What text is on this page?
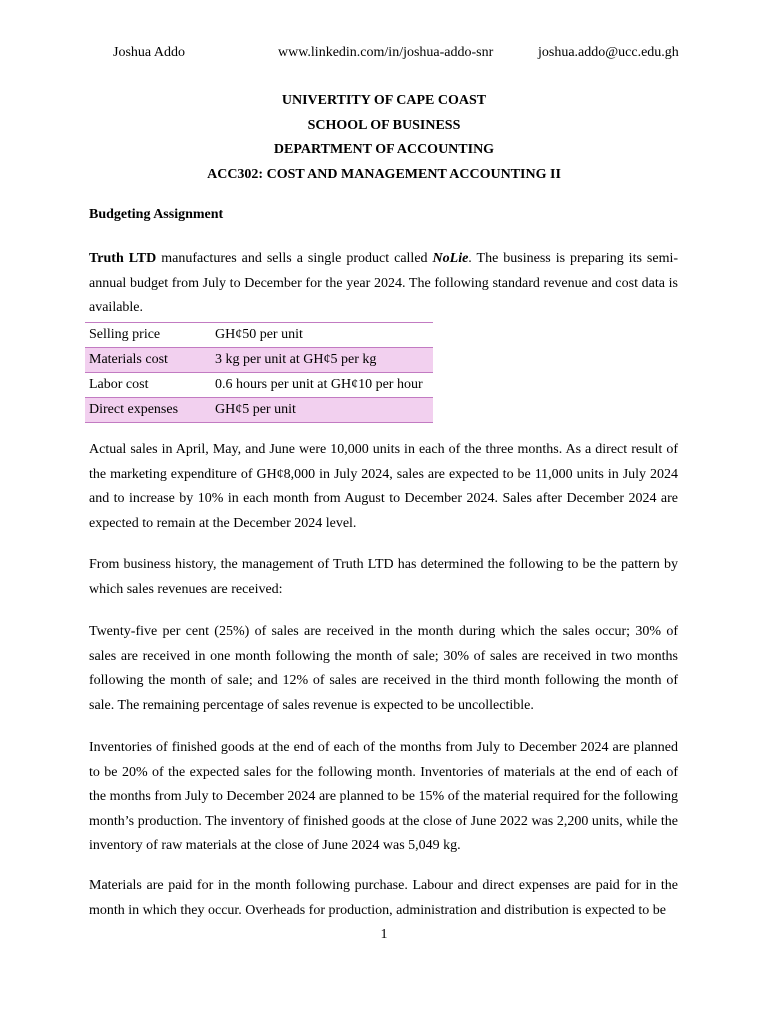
Joshua Addo	www.linkedin.com/in/joshua-addo-snr	joshua.addo@ucc.edu.gh
UNIVERTITY OF CAPE COAST
SCHOOL OF BUSINESS
DEPARTMENT OF ACCOUNTING
ACC302: COST AND MANAGEMENT ACCOUNTING II
Budgeting Assignment
Truth LTD manufactures and sells a single product called NoLie. The business is preparing its semi-annual budget from July to December for the year 2024. The following standard revenue and cost data is available.
Selling price	GH¢50 per unit
Materials cost	3 kg per unit at GH¢5 per kg
Labor cost	0.6 hours per unit at GH¢10 per hour
Direct expenses	GH¢5 per unit
Actual sales in April, May, and June were 10,000 units in each of the three months. As a direct result of the marketing expenditure of GH¢8,000 in July 2024, sales are expected to be 11,000 units in July 2024 and to increase by 10% in each month from August to December 2024. Sales after December 2024 are expected to remain at the December 2024 level.
From business history, the management of Truth LTD has determined the following to be the pattern by which sales revenues are received:
Twenty-five per cent (25%) of sales are received in the month during which the sales occur; 30% of sales are received in one month following the month of sale; 30% of sales are received in two months following the month of sale; and 12% of sales are received in the third month following the month of sale. The remaining percentage of sales revenue is expected to be uncollectible.
Inventories of finished goods at the end of each of the months from July to December 2024 are planned to be 20% of the expected sales for the following month. Inventories of materials at the end of each of the months from July to December 2024 are planned to be 15% of the material required for the following month’s production. The inventory of finished goods at the close of June 2022 was 2,200 units, while the inventory of raw materials at the close of June 2024 was 5,049 kg.
Materials are paid for in the month following purchase. Labour and direct expenses are paid for in the month in which they occur. Overheads for production, administration and distribution is expected to be
1
